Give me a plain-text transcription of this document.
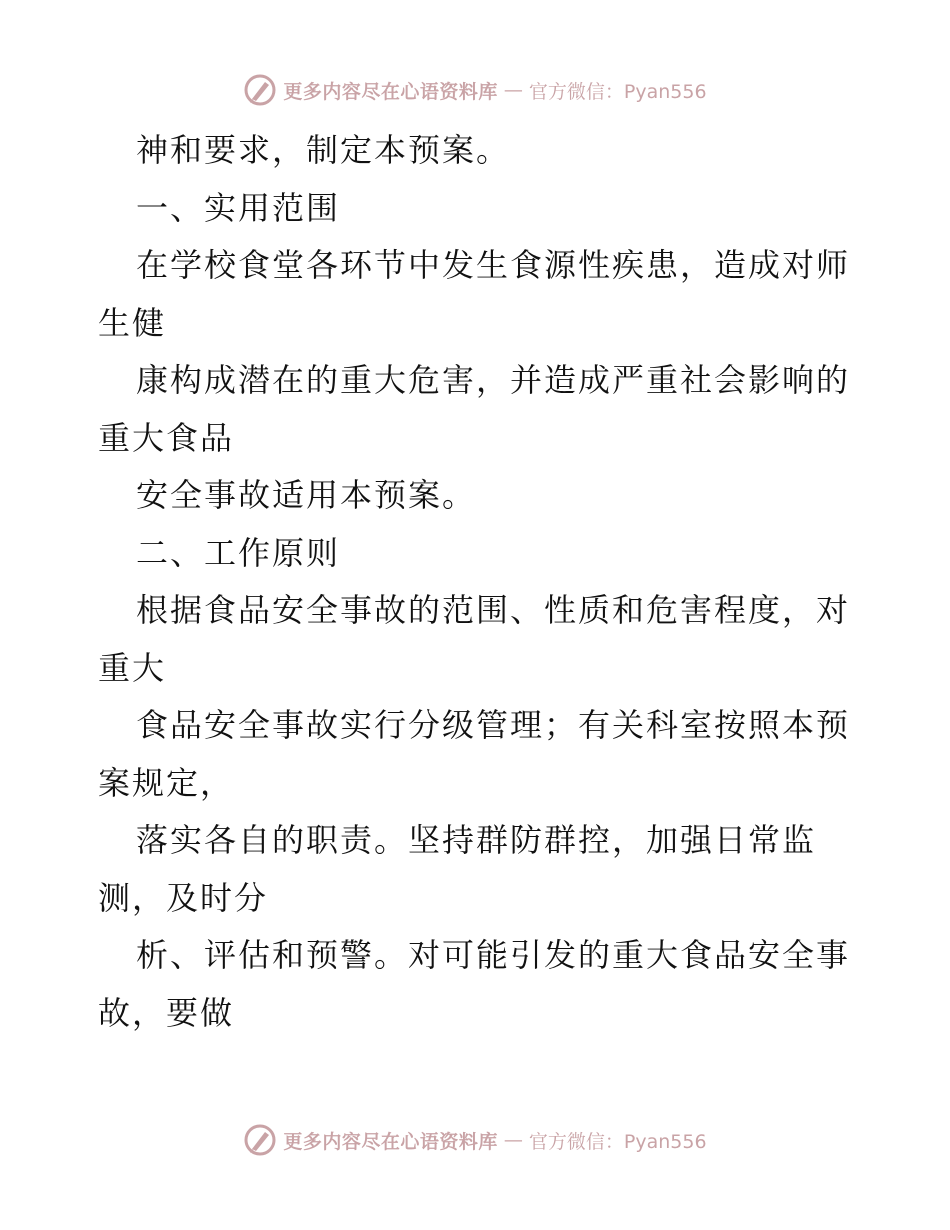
更多内容尽在心语资料库 — 官方微信：Pyan556
神和要求，制定本预案。
一、实用范围
在学校食堂各环节中发生食源性疾患，造成对师
生健
康构成潜在的重大危害，并造成严重社会影响的
重大食品
安全事故适用本预案。
二、工作原则
根据食品安全事故的范围、性质和危害程度，对
重大
食品安全事故实行分级管理；有关科室按照本预
案规定，
落实各自的职责。坚持群防群控，加强日常监
测，及时分
析、评估和预警。对可能引发的重大食品安全事
故，要做
更多内容尽在心语资料库 — 官方微信：Pyan556
